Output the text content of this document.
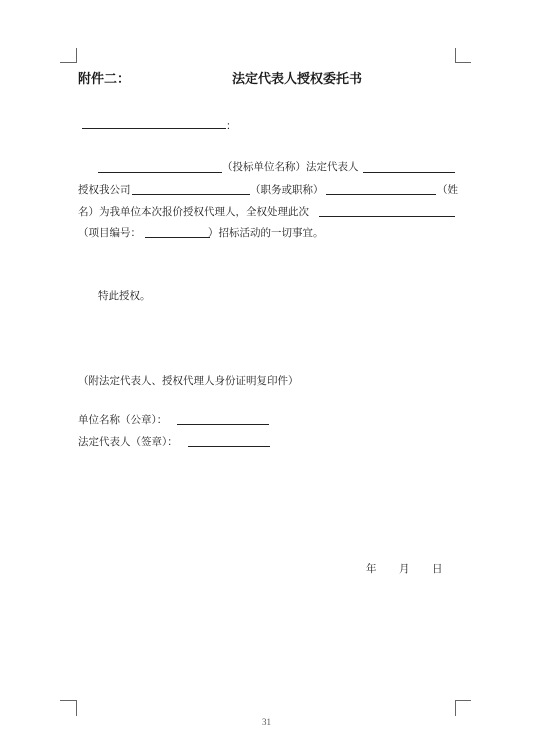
附件二：	法定代表人授权委托书
：
（投标单位名称）法定代表人
授权我公司	（职务或职称）	（姓
名）为我单位本次报价授权代理人，全权处理此次
（项目编号：	）招标活动的一切事宜。
特此授权。
（附法定代表人、授权代理人身份证明复印件）
单位名称（公章）：
法定代表人（签章）：
年 月 日
31
